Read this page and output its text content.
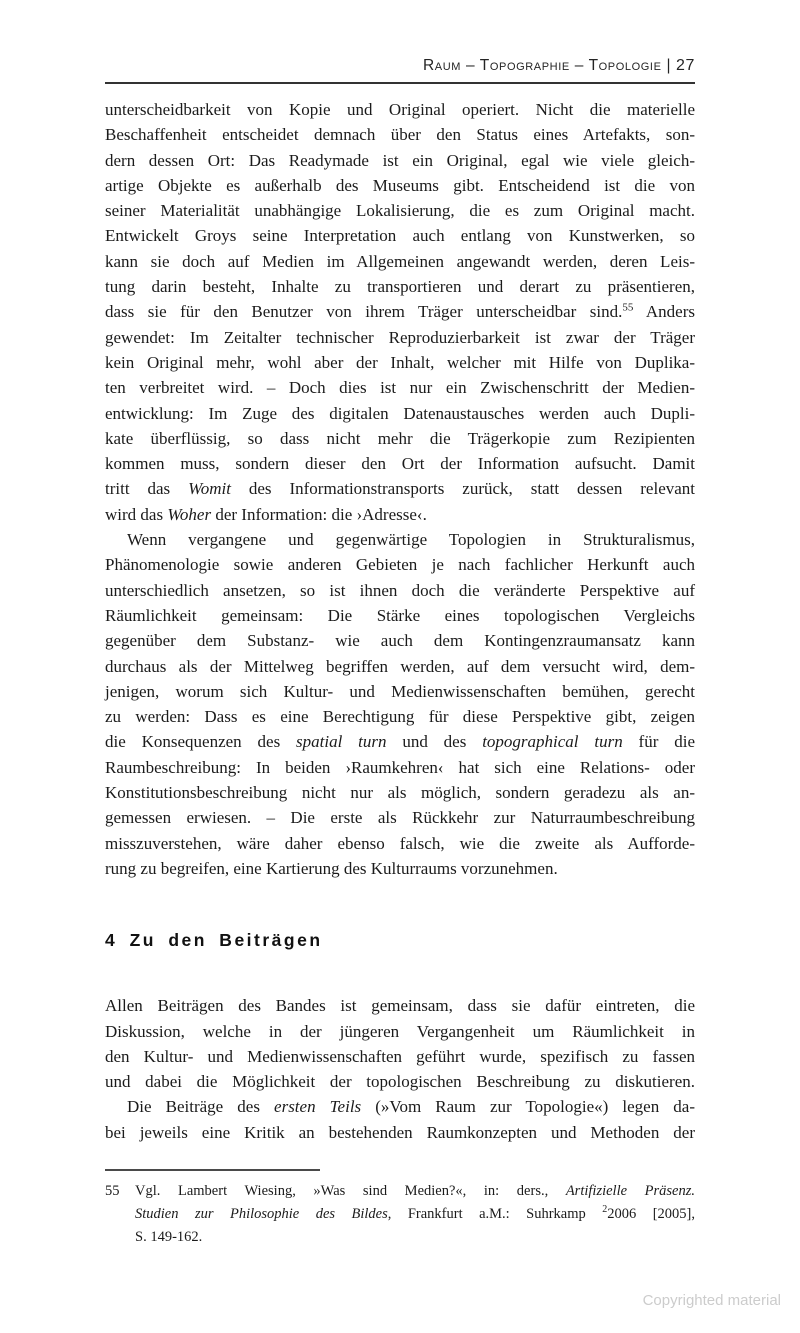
Raum – Topographie – Topologie | 27
unterscheidbarkeit von Kopie und Original operiert. Nicht die materielle
Beschaffenheit entscheidet demnach über den Status eines Artefakts, son-
dern dessen Ort: Das Readymade ist ein Original, egal wie viele gleich-
artige Objekte es außerhalb des Museums gibt. Entscheidend ist die von
seiner Materialität unabhängige Lokalisierung, die es zum Original macht.
Entwickelt Groys seine Interpretation auch entlang von Kunstwerken, so
kann sie doch auf Medien im Allgemeinen angewandt werden, deren Leis-
tung darin besteht, Inhalte zu transportieren und derart zu präsentieren,
dass sie für den Benutzer von ihrem Träger unterscheidbar sind.$^{55}$ Anders
gewendet: Im Zeitalter technischer Reproduzierbarkeit ist zwar der Träger
kein Original mehr, wohl aber der Inhalt, welcher mit Hilfe von Duplika-
ten verbreitet wird. – Doch dies ist nur ein Zwischenschritt der Medien-
entwicklung: Im Zuge des digitalen Datenaustausches werden auch Dupli-
kate überflüssig, so dass nicht mehr die Trägerkopie zum Rezipienten
kommen muss, sondern dieser den Ort der Information aufsucht. Damit
tritt das Womit des Informationstransports zurück, statt dessen relevant
wird das Woher der Information: die ›Adresse‹.
Wenn vergangene und gegenwärtige Topologien in Strukturalismus,
Phänomenologie sowie anderen Gebieten je nach fachlicher Herkunft auch
unterschiedlich ansetzen, so ist ihnen doch die veränderte Perspektive auf
Räumlichkeit gemeinsam: Die Stärke eines topologischen Vergleichs
gegenüber dem Substanz- wie auch dem Kontingenzraumansatz kann
durchaus als der Mittelweg begriffen werden, auf dem versucht wird, dem-
jenigen, worum sich Kultur- und Medienwissenschaften bemühen, gerecht
zu werden: Dass es eine Berechtigung für diese Perspektive gibt, zeigen
die Konsequenzen des spatial turn und des topographical turn für die
Raumbeschreibung: In beiden ›Raumkehren‹ hat sich eine Relations- oder
Konstitutionsbeschreibung nicht nur als möglich, sondern geradezu als an-
gemessen erwiesen. – Die erste als Rückkehr zur Naturraumbeschreibung
misszuverstehen, wäre daher ebenso falsch, wie die zweite als Aufforde-
rung zu begreifen, eine Kartierung des Kulturraums vorzunehmen.
4 Zu den Beiträgen
Allen Beiträgen des Bandes ist gemeinsam, dass sie dafür eintreten, die
Diskussion, welche in der jüngeren Vergangenheit um Räumlichkeit in
den Kultur- und Medienwissenschaften geführt wurde, spezifisch zu fassen
und dabei die Möglichkeit der topologischen Beschreibung zu diskutieren.
Die Beiträge des ersten Teils (»Vom Raum zur Topologie«) legen da-
bei jeweils eine Kritik an bestehenden Raumkonzepten und Methoden der
55	Vgl. Lambert Wiesing, »Was sind Medien?«, in: ders., Artifizielle Präsenz.
Studien zur Philosophie des Bildes, Frankfurt a.M.: Suhrkamp $^2$2006 [2005],
S. 149-162.
Copyrighted material
